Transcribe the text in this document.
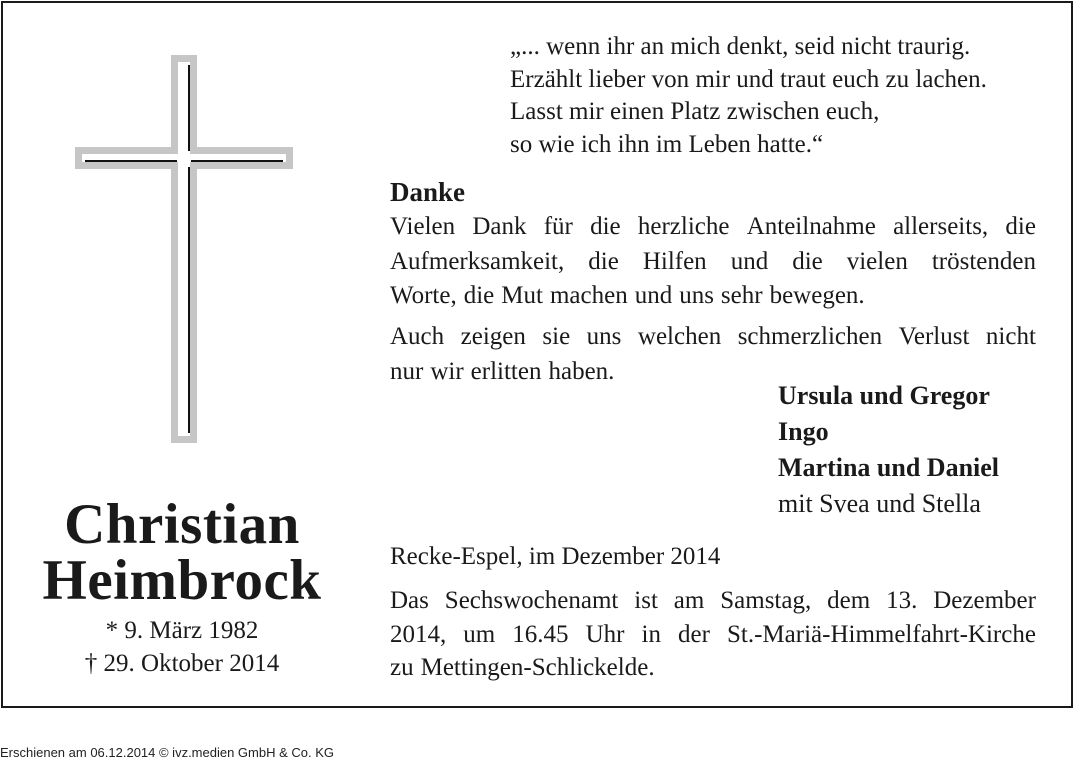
Christian
Heimbrock
* 9. März 1982
† 29. Oktober 2014
„... wenn ihr an mich denkt, seid nicht traurig.
Erzählt lieber von mir und traut euch zu lachen.
Lasst mir einen Platz zwischen euch,
so wie ich ihn im Leben hatte.“
Danke
Vielen Dank für die herzliche Anteilnahme allerseits, die
Aufmerksamkeit, die Hilfen und die vielen tröstenden
Worte, die Mut machen und uns sehr bewegen.
Auch zeigen sie uns welchen schmerzlichen Verlust nicht
nur wir erlitten haben.
Ursula und Gregor
Ingo
Martina und Daniel
mit Svea und Stella
Recke-Espel, im Dezember 2014
Das Sechswochenamt ist am Samstag, dem 13. Dezember
2014, um 16.45 Uhr in der St.-Mariä-Himmelfahrt-Kirche
zu Mettingen-Schlickelde.
Erschienen am 06.12.2014 © ivz.medien GmbH & Co. KG
